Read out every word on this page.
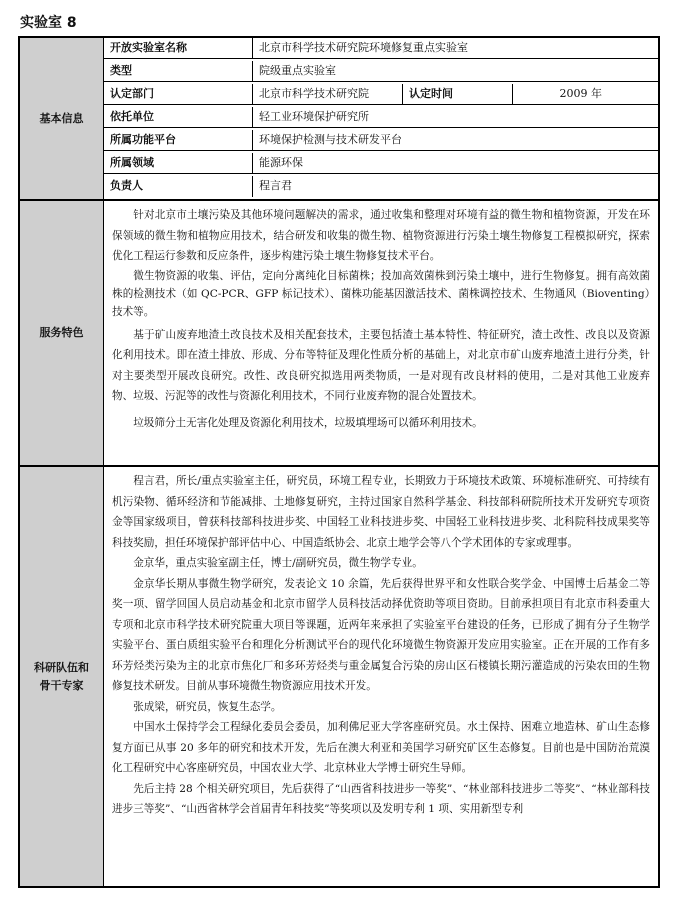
实验室 8
基本信息
开放实验室名称	北京市科学技术研究院环境修复重点实验室
类型	院级重点实验室
认定部门	北京市科学技术研究院	认定时间	2009 年
依托单位	轻工业环境保护研究所
所属功能平台	环境保护检测与技术研发平台
所属领域	能源环保
负责人	程言君
服务特色

针对北京市土壤污染及其他环境问题解决的需求，通过收集和整理对环境有益的微生物和植物资源，开发在环保领域的微生物和植物应用技术，结合研发和收集的微生物、植物资源进行污染土壤生物修复工程模拟研究，探索优化工程运行参数和反应条件，逐步构建污染土壤生物修复技术平台。

微生物资源的收集、评估，定向分离纯化目标菌株；投加高效菌株到污染土壤中，进行生物修复。拥有高效菌株的检测技术（如 QC-PCR、GFP 标记技术）、菌株功能基因激活技术、菌株调控技术、生物通风（Bioventing）技术等。

基于矿山废弃地渣土改良技术及相关配套技术，主要包括渣土基本特性、特征研究，渣土改性、改良以及资源化利用技术。即在渣土排放、形成、分布等特征及理化性质分析的基础上，对北京市矿山废弃地渣土进行分类，针对主要类型开展改良研究。改性、改良研究拟选用两类物质，一是对现有改良材料的使用，二是对其他工业废弃物、垃圾、污泥等的改性与资源化利用技术，不同行业废弃物的混合处置技术。

垃圾筛分土无害化处理及资源化利用技术，垃圾填埋场可以循环利用技术。

科研队伍和骨干专家

程言君，所长/重点实验室主任，研究员，环境工程专业，长期致力于环境技术政策、环境标准研究、可持续有机污染物、循环经济和节能减排、土地修复研究，主持过国家自然科学基金、科技部科研院所技术开发研究专项资金等国家级项目，曾获科技部科技进步奖、中国轻工业科技进步奖、中国轻工业科技进步奖、北科院科技成果奖等科技奖励，担任环境保护部评估中心、中国造纸协会、北京土地学会等八个学术团体的专家或理事。

金京华，重点实验室副主任，博士/副研究员，微生物学专业。

金京华长期从事微生物学研究，发表论文 10 余篇，先后获得世界平和女性联合奖学金、中国博士后基金二等奖一项、留学回国人员启动基金和北京市留学人员科技活动择优资助等项目资助。目前承担项目有北京市科委重大专项和北京市科学技术研究院重大项目等课题，近两年来承担了实验室平台建设的任务，已形成了拥有分子生物学实验平台、蛋白质组实验平台和理化分析测试平台的现代化环境微生物资源开发应用实验室。正在开展的工作有多环芳烃类污染为主的北京市焦化厂和多环芳烃类与重金属复合污染的房山区石楼镇长期污灌造成的污染农田的生物修复技术研发。目前从事环境微生物资源应用技术开发。

张成梁，研究员，恢复生态学。

中国水土保持学会工程绿化委员会委员，加利佛尼亚大学客座研究员。水土保持、困难立地造林、矿山生态修复方面已从事 20 多年的研究和技术开发，先后在澳大利亚和美国学习研究矿区生态修复。目前也是中国防治荒漠化工程研究中心客座研究员，中国农业大学、北京林业大学博士研究生导师。

先后主持 28 个相关研究项目，先后获得了“山西省科技进步一等奖”、“林业部科技进步二等奖”、“林业部科技进步三等奖”、“山西省林学会首届青年科技奖”等奖项以及发明专利 1 项、实用新型专利
